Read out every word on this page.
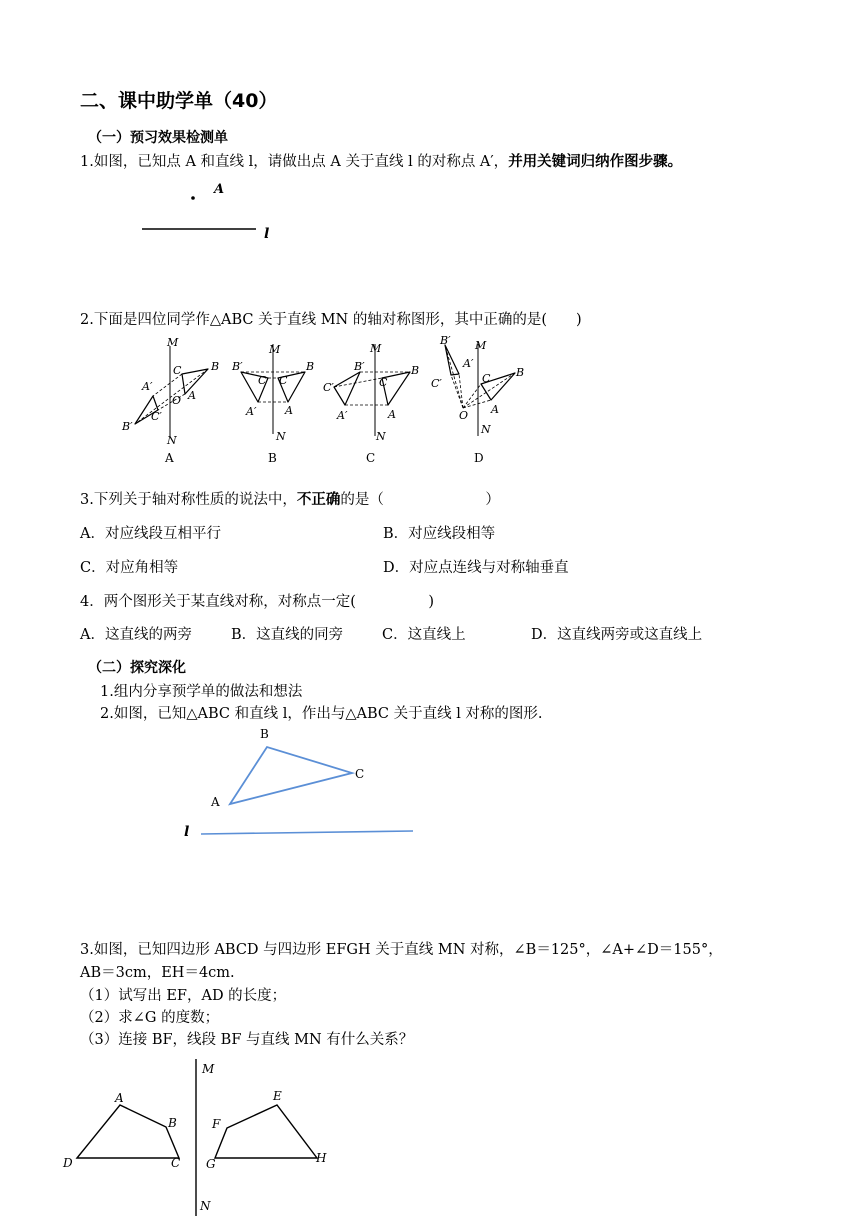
二、课中助学单（40）
（一）预习效果检测单
1.如图，已知点 A 和直线 l，请做出点 A 关于直线 l 的对称点 A′，并用关键词归纳作图步骤。
A
l
2.下面是四位同学作△ABC 关于直线 MN 的轴对称图形，其中正确的是(　　)
M
N
B
C
A
O
A′
C′
B′
M
N
B
C
A
B′
C
A′
M
N
B
C
A
B′
C′
A′
M
N
B
C
A
O
B′
A′
C′
A	B	C	D
3.下列关于轴对称性质的说法中，不正确的是（　　　　　　　）
A．对应线段互相平行	B．对应线段相等
C．对应角相等	D．对应点连线与对称轴垂直
4．两个图形关于某直线对称，对称点一定(　　　　　)
A．这直线的两旁	B．这直线的同旁	C．这直线上	D．这直线两旁或这直线上
（二）探究深化
1.组内分享预学单的做法和想法
2.如图，已知△ABC 和直线 l，作出与△ABC 关于直线 l 对称的图形.
B
C
A
l
3.如图，已知四边形 ABCD 与四边形 EFGH 关于直线 MN 对称，∠B＝125°，∠A+∠D＝155°，
AB＝3cm，EH＝4cm.
（1）试写出 EF，AD 的长度；
（2）求∠G 的度数；
（3）连接 BF，线段 BF 与直线 MN 有什么关系？
M
N
A
B
C
D
E
F
G	H
